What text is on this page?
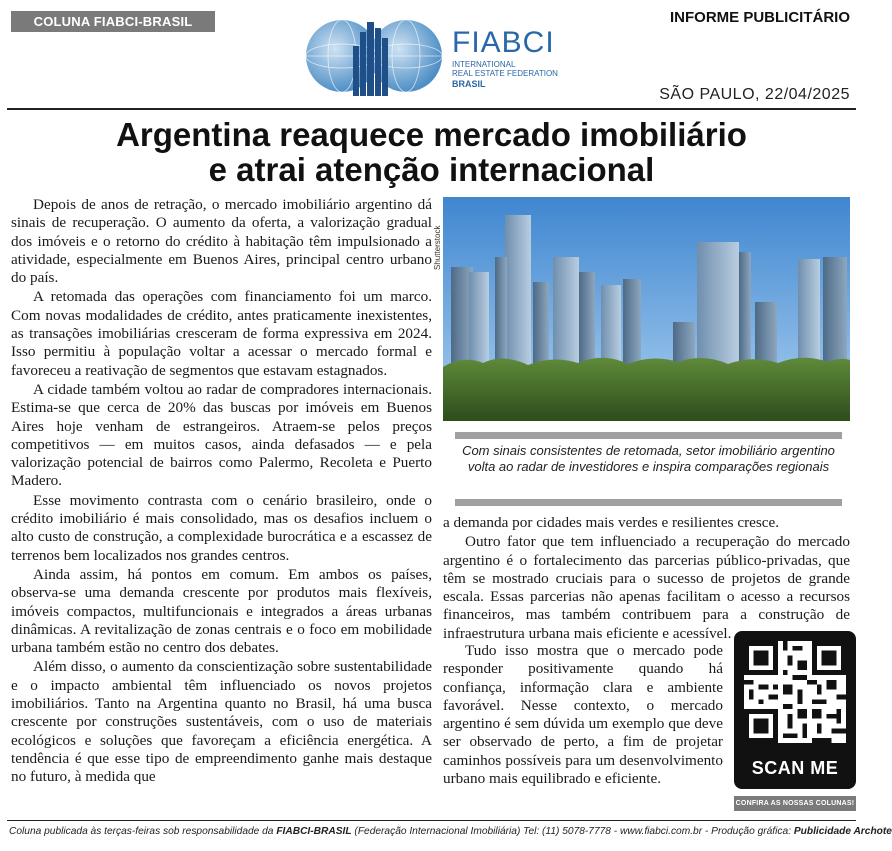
COLUNA FIABCI-BRASIL	INFORME PUBLICITÁRIO
FIABCI
INTERNATIONAL
REAL ESTATE FEDERATION
BRASIL
SÃO PAULO, 22/04/2025
Argentina reaquece mercado imobiliário
e atrai atenção internacional

Depois de anos de retração, o mercado imobiliário argentino dá sinais de recuperação. O aumento da oferta, a valorização gradual dos imóveis e o retorno do crédito à habitação têm impulsionado a atividade, especialmente em Buenos Aires, principal centro urbano do país.

A retomada das operações com financiamento foi um marco. Com novas modalidades de crédito, antes praticamente inexistentes, as transações imobiliárias cresceram de forma expressiva em 2024. Isso permitiu à população voltar a acessar o mercado formal e favoreceu a reativação de segmentos que estavam estagnados.

A cidade também voltou ao radar de compradores internacionais. Estima-se que cerca de 20% das buscas por imóveis em Buenos Aires hoje venham de estrangeiros. Atraem-se pelos preços competitivos — em muitos casos, ainda defasados — e pela valorização potencial de bairros como Palermo, Recoleta e Puerto Madero.

Esse movimento contrasta com o cenário brasileiro, onde o crédito imobiliário é mais consolidado, mas os desafios incluem o alto custo de construção, a complexidade burocrática e a escassez de terrenos bem localizados nos grandes centros.

Ainda assim, há pontos em comum. Em ambos os países, observa-se uma demanda crescente por produtos mais flexíveis, imóveis compactos, multifuncionais e integrados a áreas urbanas dinâmicas. A revitalização de zonas centrais e o foco em mobilidade urbana também estão no centro dos debates.

Além disso, o aumento da conscientização sobre sustentabilidade e o impacto ambiental têm influenciado os novos projetos imobiliários. Tanto na Argentina quanto no Brasil, há uma busca crescente por construções sustentáveis, com o uso de materiais ecológicos e soluções que favoreçam a eficiência energética. A tendência é que esse tipo de empreendimento ganhe mais destaque no futuro, à medida que

Shutterstock
Com sinais consistentes de retomada, setor imobiliário argentino volta ao radar de investidores e inspira comparações regionais

a demanda por cidades mais verdes e resilientes cresce.

Outro fator que tem influenciado a recuperação do mercado argentino é o fortalecimento das parcerias público-privadas, que têm se mostrado cruciais para o sucesso de projetos de grande escala. Essas parcerias não apenas facilitam o acesso a recursos financeiros, mas também contribuem para a construção de infraestrutura urbana mais eficiente e acessível.

Tudo isso mostra que o mercado pode responder positivamente quando há confiança, informação clara e ambiente favorável. Nesse contexto, o mercado argentino é sem dúvida um exemplo que deve ser observado de perto, a fim de projetar caminhos possíveis para um desenvolvimento urbano mais equilibrado e eficiente.

SCAN ME
CONFIRA AS NOSSAS COLUNAS!
Coluna publicada às terças-feiras sob responsabilidade da FIABCI-BRASIL (Federação Internacional Imobiliária) Tel: (11) 5078-7778 - www.fiabci.com.br - Produção gráfica: Publicidade Archote
